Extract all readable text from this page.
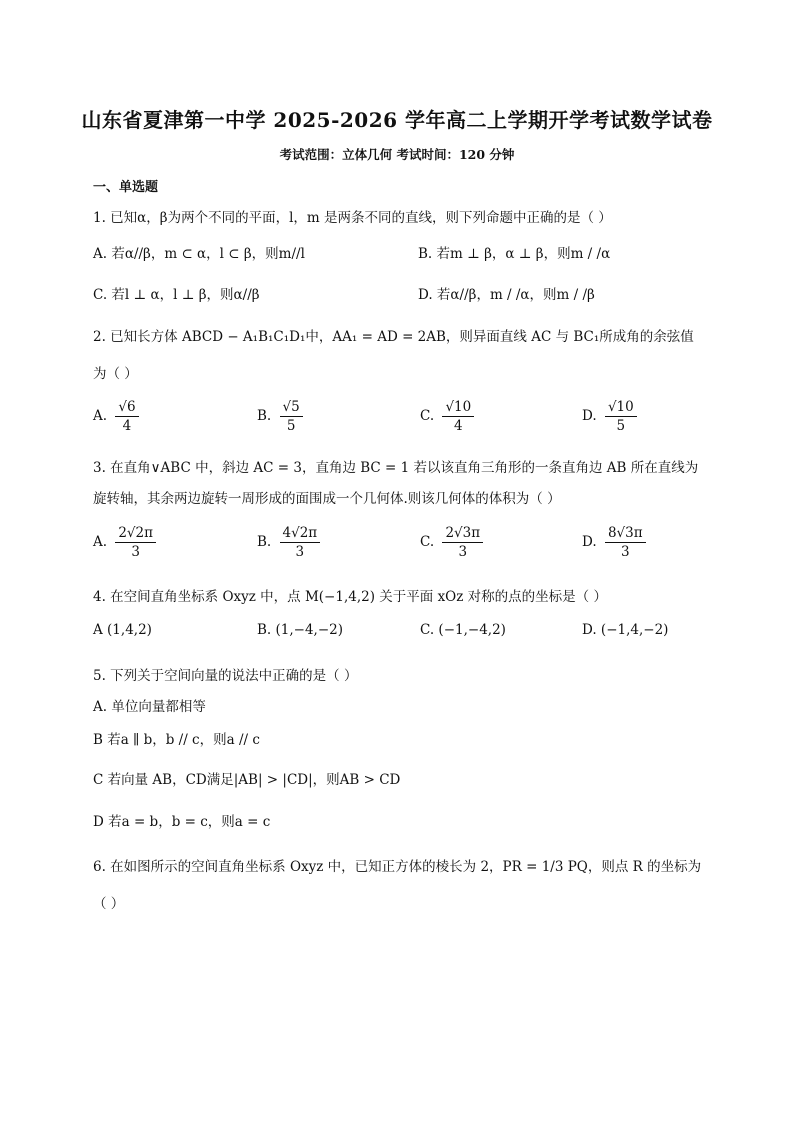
山东省夏津第一中学 2025-2026 学年高二上学期开学考试数学试卷
考试范围：立体几何 考试时间：120 分钟
一、单选题
1. 已知α，β为两个不同的平面，l，m 是两条不同的直线，则下列命题中正确的是（ ）
A. 若α//β，m ⊂ α，l ⊂ β，则m//l	B. 若m ⊥ β，α ⊥ β，则m / /α
C. 若l ⊥ α，l ⊥ β，则α//β	D. 若α//β，m / /α，则m / /β
2. 已知长方体 ABCD − A₁B₁C₁D₁中，AA₁ = AD = 2AB，则异面直线 AC 与 BC₁所成角的余弦值
为（ ）
A. $\frac{√6}{4}$	B. $\frac{√5}{5}$	C. $\frac{√10}{4}$	D. $\frac{√10}{5}$
3. 在直角∨ABC 中，斜边 AC = 3，直角边 BC = 1 若以该直角三角形的一条直角边 AB 所在直线为
旋转轴，其余两边旋转一周形成的面围成一个几何体.则该几何体的体积为（ ）
A. $\frac{2√2\pi}{3}$	B. $\frac{4√2\pi}{3}$	C. $\frac{2√3\pi}{3}$	D. $\frac{8√3\pi}{3}$
4. 在空间直角坐标系 Oxyz 中，点 M(−1,4,2) 关于平面 xOz 对称的点的坐标是（ ）
A (1,4,2)	B. (1,−4,−2)	C. (−1,−4,2)	D. (−1,4,−2)
5. 下列关于空间向量的说法中正确的是（ ）
A. 单位向量都相等
B 若a ∥ b，b // c，则a // c
C 若向量 AB，CD满足|AB| > |CD|，则AB > CD
D 若a = b，b = c，则a = c
6. 在如图所示的空间直角坐标系 Oxyz 中，已知正方体的棱长为 2，PR = 1/3 PQ，则点 R 的坐标为
（ ）
